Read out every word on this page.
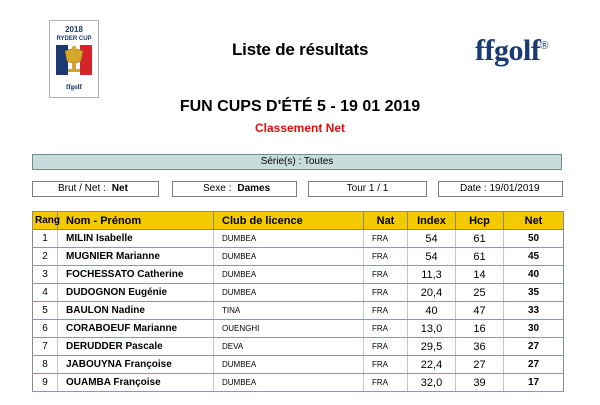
2018
RYDER CUP
ffgolf
Liste de résultats	ffgolf®
FUN CUPS D'ÉTÉ 5 - 19 01 2019
Classement Net
Série(s) : Toutes
Brut / Net : Net	Sexe : Dames	Tour 1 / 1	Date : 19/01/2019
Rang	Nom - Prénom	Club de licence	Nat	Index	Hcp	Net
1	MILIN Isabelle	DUMBEA	FRA	54	61	50
2	MUGNIER Marianne	DUMBEA	FRA	54	61	45
3	FOCHESSATO Catherine	DUMBEA	FRA	11,3	14	40
4	DUDOGNON Eugénie	DUMBEA	FRA	20,4	25	35
5	BAULON Nadine	TINA	FRA	40	47	33
6	CORABOEUF Marianne	OUENGHI	FRA	13,0	16	30
7	DERUDDER Pascale	DEVA	FRA	29,5	36	27
8	JABOUYNA Françoise	DUMBEA	FRA	22,4	27	27
9	OUAMBA Françoise	DUMBEA	FRA	32,0	39	17
